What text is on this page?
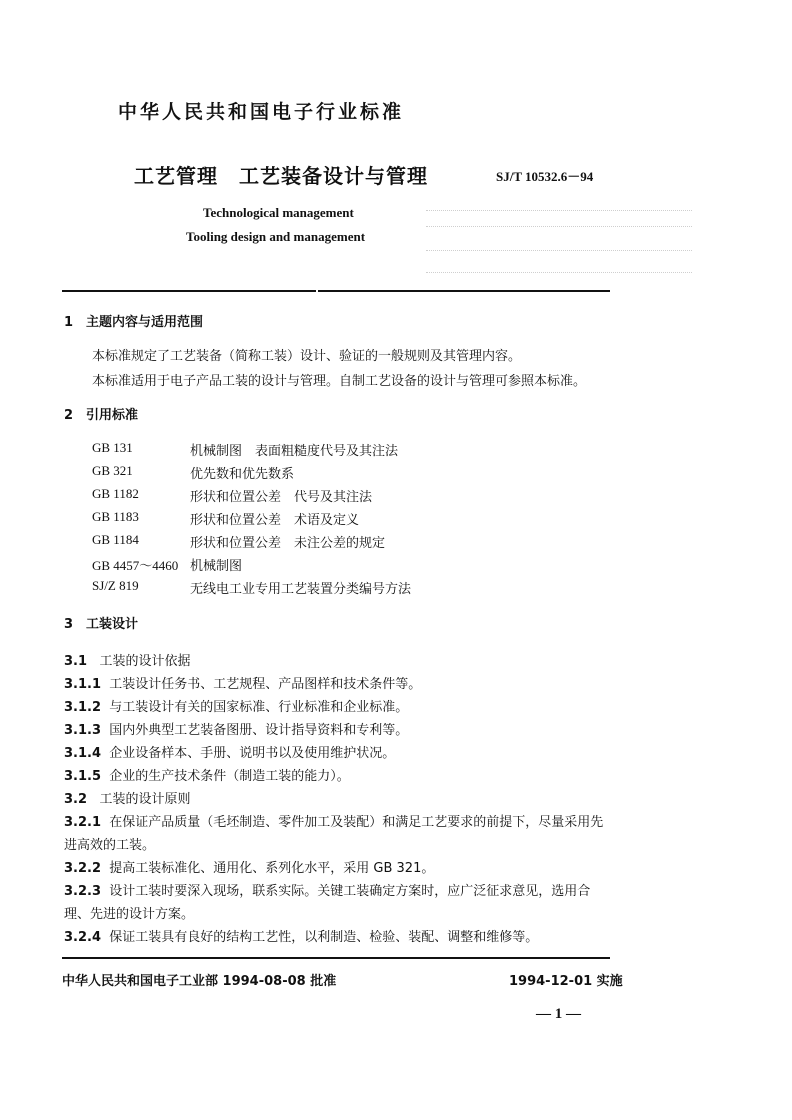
中华人民共和国电子行业标准
工艺管理　工艺装备设计与管理	SJ/T 10532.6－94
Technological management
Tooling design and management
1　主题内容与适用范围
本标准规定了工艺装备（简称工装）设计、验证的一般规则及其管理内容。
本标准适用于电子产品工装的设计与管理。自制工艺设备的设计与管理可参照本标准。
2　引用标准
GB 131	机械制图　表面粗糙度代号及其注法
GB 321	优先数和优先数系
GB 1182	形状和位置公差　代号及其注法
GB 1183	形状和位置公差　术语及定义
GB 1184	形状和位置公差　未注公差的规定
GB 4457～4460 机械制图
SJ/Z 819	无线电工业专用工艺装置分类编号方法
3　工装设计
3.1 工装的设计依据
3.1.1 工装设计任务书、工艺规程、产品图样和技术条件等。
3.1.2 与工装设计有关的国家标准、行业标准和企业标准。
3.1.3 国内外典型工艺装备图册、设计指导资料和专利等。
3.1.4 企业设备样本、手册、说明书以及使用维护状况。
3.1.5 企业的生产技术条件（制造工装的能力）。
3.2 工装的设计原则
3.2.1 在保证产品质量（毛坯制造、零件加工及装配）和满足工艺要求的前提下，尽量采用先
进高效的工装。
3.2.2 提高工装标准化、通用化、系列化水平，采用 GB 321。
3.2.3 设计工装时要深入现场，联系实际。关键工装确定方案时，应广泛征求意见，选用合
理、先进的设计方案。
3.2.4 保证工装具有良好的结构工艺性，以利制造、检验、装配、调整和维修等。
中华人民共和国电子工业部 1994-08-08 批准	1994-12-01 实施
— 1 —
